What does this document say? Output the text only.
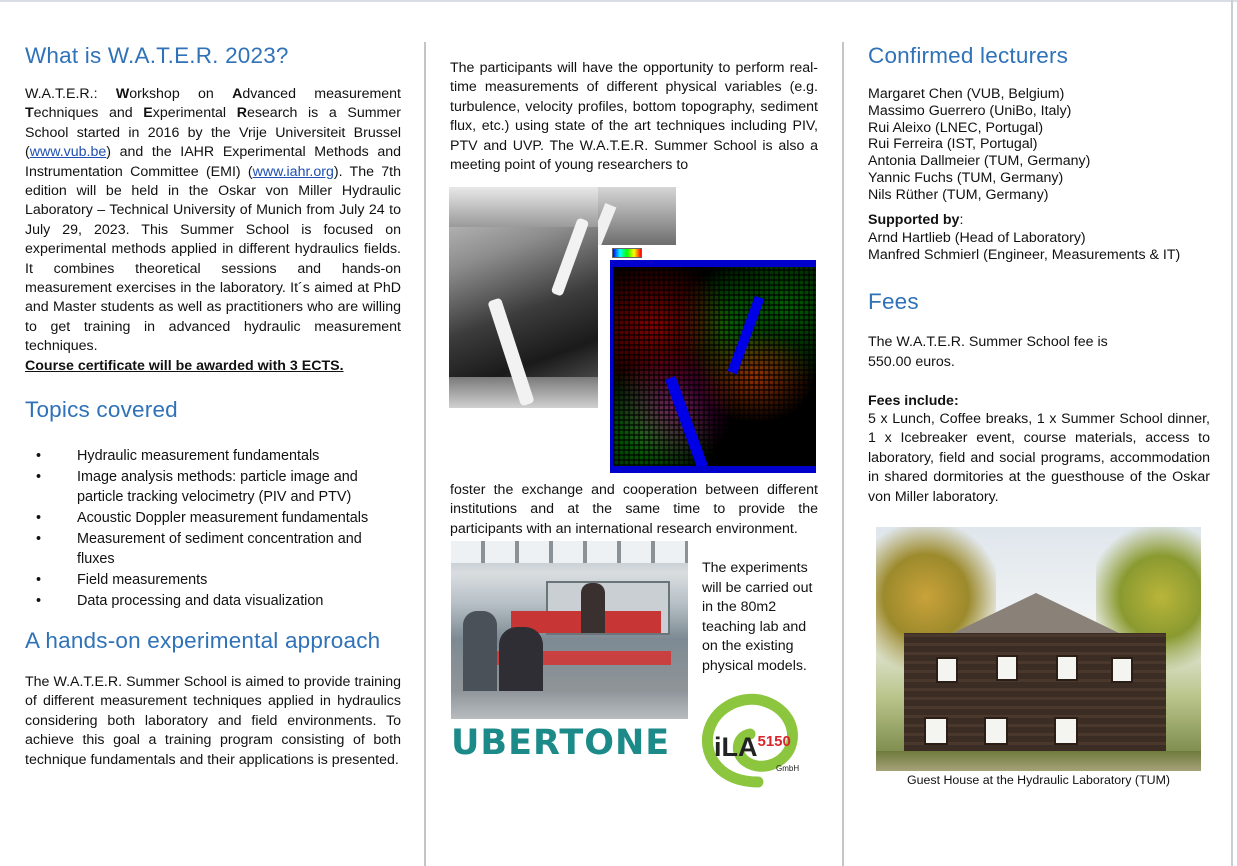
What is W.A.T.E.R. 2023?

W.A.T.E.R.: Workshop on Advanced measurement Techniques and Experimental Research is a Summer School started in 2016 by the Vrije Universiteit Brussel (www.vub.be) and the IAHR Experimental Methods and Instrumentation Committee (EMI) (www.iahr.org). The 7th edition will be held in the Oskar von Miller Hydraulic Laboratory – Technical University of Munich from July 24 to July 29, 2023. This Summer School is focused on experimental methods applied in different hydraulics fields. It combines theoretical sessions and hands-on measurement exercises in the laboratory. It´s aimed at PhD and Master students as well as practitioners who are willing to get training in advanced hydraulic measurement techniques.
Course certificate will be awarded with 3 ECTS.

Topics covered
• Hydraulic measurement fundamentals
• Image analysis methods: particle image and particle tracking velocimetry (PIV and PTV)
• Acoustic Doppler measurement fundamentals
• Measurement of sediment concentration and fluxes
• Field measurements
• Data processing and data visualization
A hands-on experimental approach

The W.A.T.E.R. Summer School is aimed to provide training of different measurement techniques applied in hydraulics considering both laboratory and field environments. To achieve this goal a training program consisting of both technique fundamentals and their applications is presented.

The participants will have the opportunity to perform real-time measurements of different physical variables (e.g. turbulence, velocity profiles, bottom topography, sediment flux, etc.) using state of the art techniques including PIV, PTV and UVP. The W.A.T.E.R. Summer School is also a meeting point of young researchers to

foster the exchange and cooperation between different institutions and at the same time to provide the participants with an international research environment.

The experiments will be carried out in the 80m2 teaching lab and on the existing physical models.
UBERTONE	iLA$^{5150}$
GmbH
Confirmed lecturers
Margaret Chen (VUB, Belgium)
Massimo Guerrero (UniBo, Italy)
Rui Aleixo (LNEC, Portugal)
Rui Ferreira (IST, Portugal)
Antonia Dallmeier (TUM, Germany)
Yannic Fuchs (TUM, Germany)
Nils Rüther (TUM, Germany)
Supported by:
Arnd Hartlieb (Head of Laboratory)
Manfred Schmierl (Engineer, Measurements & IT)
Fees
The W.A.T.E.R. Summer School fee is
550.00 euros.
Fees include:

5 x Lunch, Coffee breaks, 1 x Summer School dinner, 1 x Icebreaker event, course materials, access to laboratory, field and social programs, accommodation in shared dormitories at the guesthouse of the Oskar von Miller laboratory.

Guest House at the Hydraulic Laboratory (TUM)
